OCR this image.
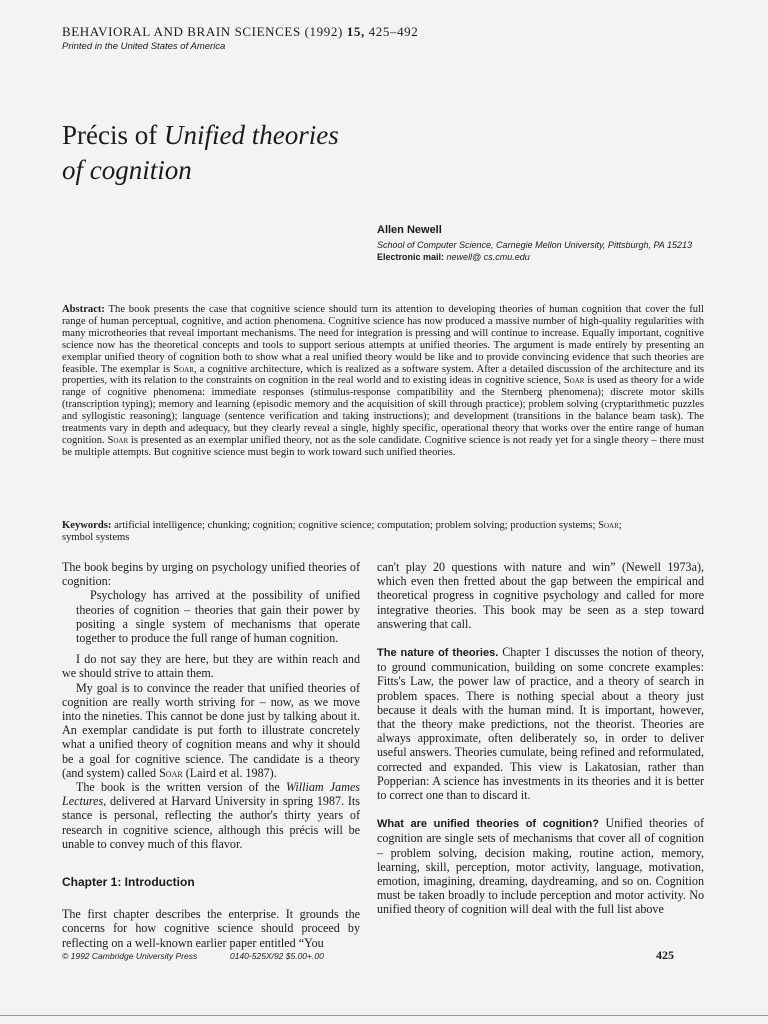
BEHAVIORAL AND BRAIN SCIENCES (1992) 15, 425–492
Printed in the United States of America
Précis of Unified theories
of cognition
Allen Newell
School of Computer Science, Carnegie Mellon University, Pittsburgh, PA 15213
Electronic mail: newell@ cs.cmu.edu
Abstract: The book presents the case that cognitive science should turn its attention to developing theories of human cognition that cover the full range of human perceptual, cognitive, and action phenomena. Cognitive science has now produced a massive number of high-quality regularities with many microtheories that reveal important mechanisms. The need for integration is pressing and will continue to increase. Equally important, cognitive science now has the theoretical concepts and tools to support serious attempts at unified theories. The argument is made entirely by presenting an exemplar unified theory of cognition both to show what a real unified theory would be like and to provide convincing evidence that such theories are feasible. The exemplar is Soar, a cognitive architecture, which is realized as a software system. After a detailed discussion of the architecture and its properties, with its relation to the constraints on cognition in the real world and to existing ideas in cognitive science, Soar is used as theory for a wide range of cognitive phenomena: immediate responses (stimulus-response compatibility and the Sternberg phenomena); discrete motor skills (transcription typing); memory and learning (episodic memory and the acquisition of skill through practice); problem solving (cryptarithmetic puzzles and syllogistic reasoning); language (sentence verification and taking instructions); and development (transitions in the balance beam task). The treatments vary in depth and adequacy, but they clearly reveal a single, highly specific, operational theory that works over the entire range of human cognition. Soar is presented as an exemplar unified theory, not as the sole candidate. Cognitive science is not ready yet for a single theory – there must be multiple attempts. But cognitive science must begin to work toward such unified theories.
Keywords: artificial intelligence; chunking; cognition; cognitive science; computation; problem solving; production systems; Soar;
symbol systems

The book begins by urging on psychology unified theories of cognition:

Psychology has arrived at the possibility of unified theories of cognition – theories that gain their power by positing a single system of mechanisms that operate together to produce the full range of human cognition.

I do not say they are here, but they are within reach and we should strive to attain them.

My goal is to convince the reader that unified theories of cognition are really worth striving for – now, as we move into the nineties. This cannot be done just by talking about it. An exemplar candidate is put forth to illustrate concretely what a unified theory of cognition means and why it should be a goal for cognitive science. The candidate is a theory (and system) called Soar (Laird et al. 1987).

The book is the written version of the William James Lectures, delivered at Harvard University in spring 1987. Its stance is personal, reflecting the author's thirty years of research in cognitive science, although this précis will be unable to convey much of this flavor.

Chapter 1: Introduction

The first chapter describes the enterprise. It grounds the concerns for how cognitive science should proceed by reflecting on a well-known earlier paper entitled “You

can't play 20 questions with nature and win” (Newell 1973a), which even then fretted about the gap between the empirical and theoretical progress in cognitive psychology and called for more integrative theories. This book may be seen as a step toward answering that call.

The nature of theories. Chapter 1 discusses the notion of theory, to ground communication, building on some concrete examples: Fitts's Law, the power law of practice, and a theory of search in problem spaces. There is nothing special about a theory just because it deals with the human mind. It is important, however, that the theory make predictions, not the theorist. Theories are always approximate, often deliberately so, in order to deliver useful answers. Theories cumulate, being refined and reformulated, corrected and expanded. This view is Lakatosian, rather than Popperian: A science has investments in its theories and it is better to correct one than to discard it.

What are unified theories of cognition? Unified theories of cognition are single sets of mechanisms that cover all of cognition – problem solving, decision making, routine action, memory, learning, skill, perception, motor activity, language, motivation, emotion, imagining, dreaming, daydreaming, and so on. Cognition must be taken broadly to include perception and motor activity. No unified theory of cognition will deal with the full list above

© 1992 Cambridge University Press	0140-525X/92 $5.00+.00	425
